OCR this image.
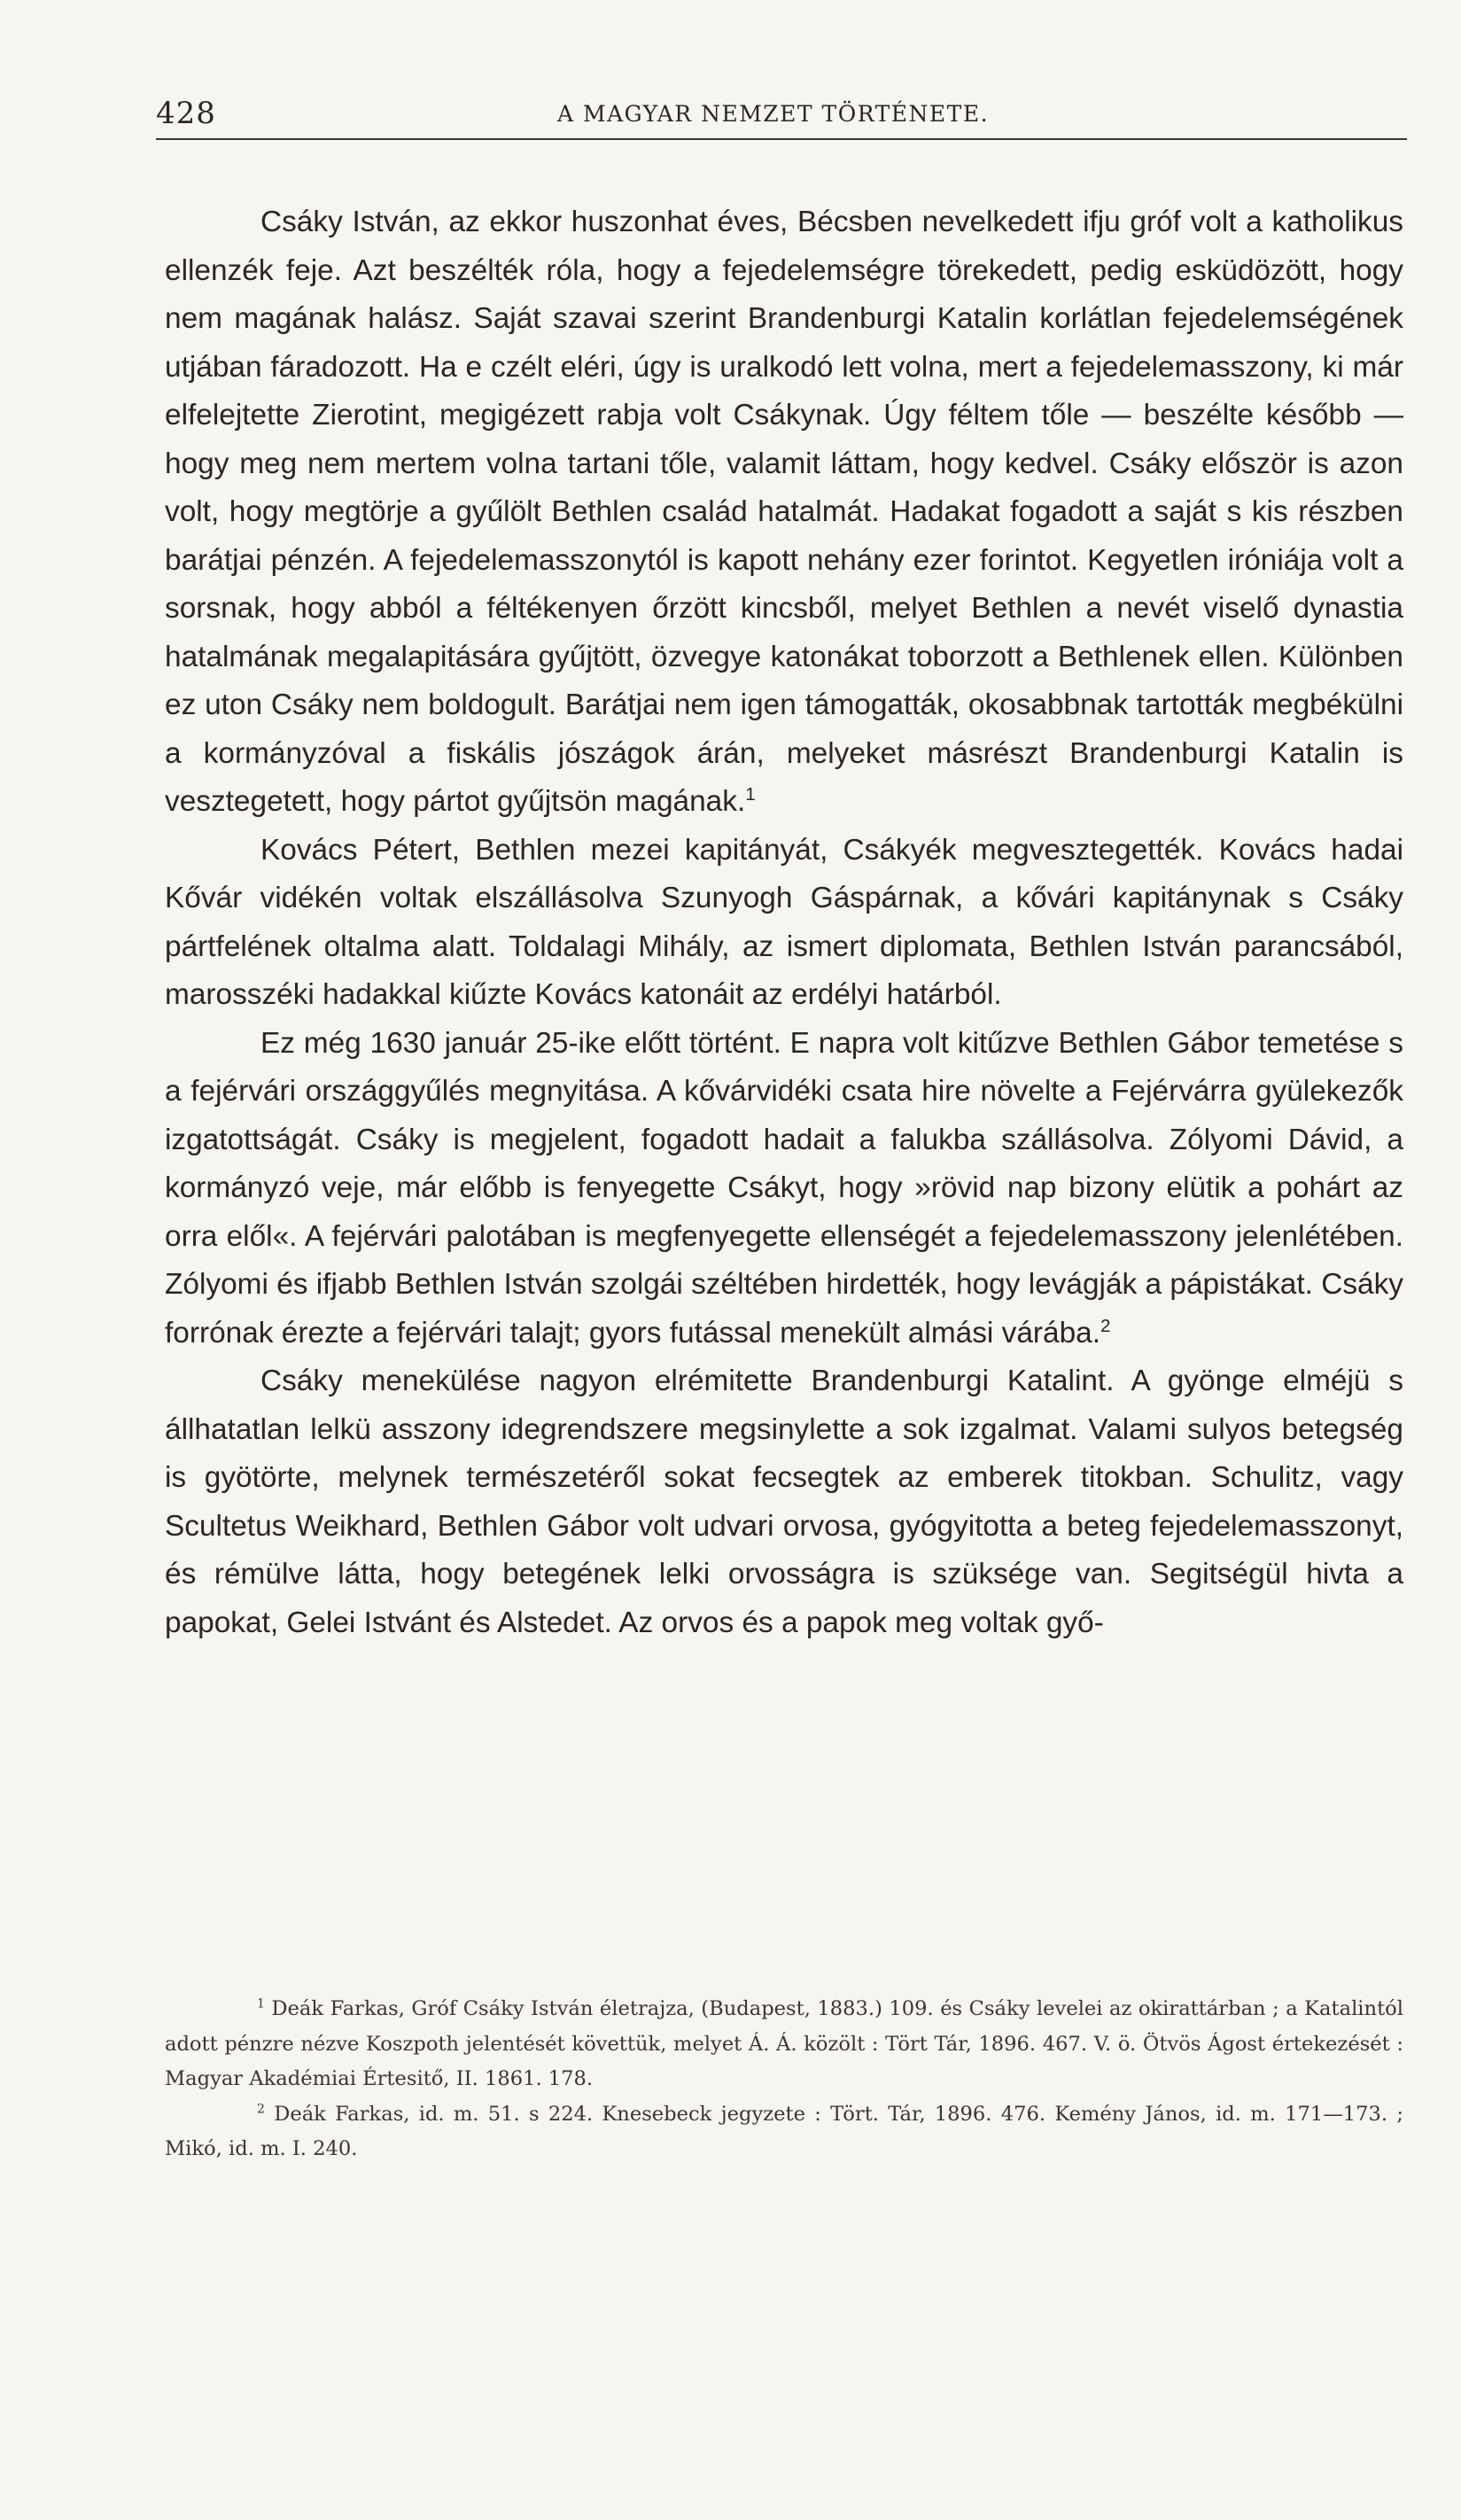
428	A MAGYAR NEMZET TÖRTÉNETE.

Csáky István, az ekkor huszonhat éves, Bécsben nevelkedett ifju gróf volt a katholikus ellenzék feje. Azt beszélték róla, hogy a fejedelemségre törekedett, pedig esküdözött, hogy nem magának halász. Saját szavai szerint Brandenburgi Katalin korlátlan fejedelemségének utjában fáradozott. Ha e czélt eléri, úgy is uralkodó lett volna, mert a fejedelemasszony, ki már elfelejtette Zierotint, megigézett rabja volt Csákynak. Úgy féltem tőle — beszélte később — hogy meg nem mertem volna tartani tőle, valamit láttam, hogy kedvel. Csáky először is azon volt, hogy megtörje a gyűlölt Bethlen család hatalmát. Hadakat fogadott a saját s kis részben barátjai pénzén. A fejedelemasszonytól is kapott nehány ezer forintot. Kegyetlen iróniája volt a sorsnak, hogy abból a féltékenyen őrzött kincsből, melyet Bethlen a nevét viselő dynastia hatalmának megalapitására gyűjtött, özvegye katonákat toborzott a Bethlenek ellen. Különben ez uton Csáky nem boldogult. Barátjai nem igen támogatták, okosabbnak tartották megbékülni a kormányzóval a fiskális jószágok árán, melyeket másrészt Brandenburgi Katalin is vesztegetett, hogy pártot gyűjtsön magának.$^1$

Kovács Pétert, Bethlen mezei kapitányát, Csákyék megvesztegették. Kovács hadai Kővár vidékén voltak elszállásolva Szunyogh Gáspárnak, a kővári kapitánynak s Csáky pártfelének oltalma alatt. Toldalagi Mihály, az ismert diplomata, Bethlen István parancsából, marosszéki hadakkal kiűzte Kovács katonáit az erdélyi határból.

Ez még 1630 január 25-ike előtt történt. E napra volt kitűzve Bethlen Gábor temetése s a fejérvári országgyűlés megnyitása. A kővárvidéki csata hire növelte a Fejérvárra gyülekezők izgatottságát. Csáky is megjelent, fogadott hadait a falukba szállásolva. Zólyomi Dávid, a kormányzó veje, már előbb is fenyegette Csákyt, hogy »rövid nap bizony elütik a pohárt az orra elől«. A fejérvári palotában is megfenyegette ellenségét a fejedelemasszony jelenlétében. Zólyomi és ifjabb Bethlen István szolgái széltében hirdették, hogy levágják a pápistákat. Csáky forrónak érezte a fejérvári talajt; gyors futással menekült almási várába.$^2$

Csáky menekülése nagyon elrémitette Brandenburgi Katalint. A gyönge elméjü s állhatatlan lelkü asszony idegrendszere megsinylette a sok izgalmat. Valami sulyos betegség is gyötörte, melynek természetéről sokat fecsegtek az emberek titokban. Schulitz, vagy Scultetus Weikhard, Bethlen Gábor volt udvari orvosa, gyógyitotta a beteg fejedelemasszonyt, és rémülve látta, hogy betegének lelki orvosságra is szüksége van. Segitségül hivta a papokat, Gelei Istvánt és Alstedet. Az orvos és a papok meg voltak győ-

$^1$ Deák Farkas, Gróf Csáky István életrajza, (Budapest, 1883.) 109. és Csáky levelei az okirattárban ; a Katalintól adott pénzre nézve Koszpoth jelentését követtük, melyet Á. Á. közölt : Tört Tár, 1896. 467. V. ö. Ötvös Ágost értekezését : Magyar Akadémiai Értesitő, II. 1861. 178.

$^2$ Deák Farkas, id. m. 51. s 224. Knesebeck jegyzete : Tört. Tár, 1896. 476. Kemény János, id. m. 171—173. ; Mikó, id. m. I. 240.
